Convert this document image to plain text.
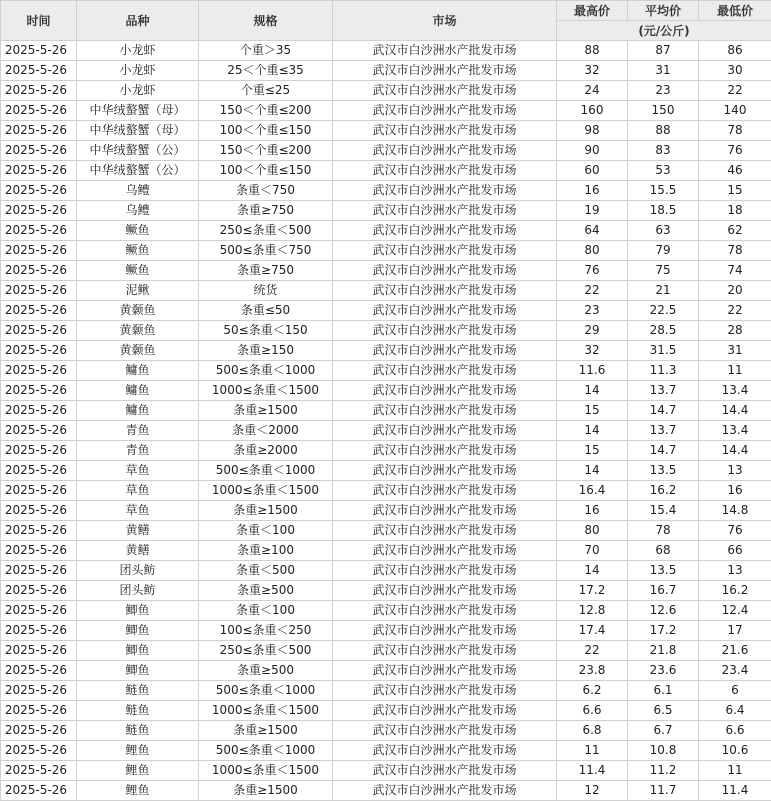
时间	品种	规格	市场	最高价	平均价	最低价
				(元/公斤)		
2025-5-26	小龙虾	个重＞35	武汉市白沙洲水产批发市场	88	87	86
2025-5-26	小龙虾	25＜个重≤35	武汉市白沙洲水产批发市场	32	31	30
2025-5-26	小龙虾	个重≤25	武汉市白沙洲水产批发市场	24	23	22
2025-5-26	中华绒螯蟹（母）	150＜个重≤200	武汉市白沙洲水产批发市场	160	150	140
2025-5-26	中华绒螯蟹（母）	100＜个重≤150	武汉市白沙洲水产批发市场	98	88	78
2025-5-26	中华绒螯蟹（公）	150＜个重≤200	武汉市白沙洲水产批发市场	90	83	76
2025-5-26	中华绒螯蟹（公）	100＜个重≤150	武汉市白沙洲水产批发市场	60	53	46
2025-5-26	乌鳢	条重＜750	武汉市白沙洲水产批发市场	16	15.5	15
2025-5-26	乌鳢	条重≥750	武汉市白沙洲水产批发市场	19	18.5	18
2025-5-26	鳜鱼	250≤条重＜500	武汉市白沙洲水产批发市场	64	63	62
2025-5-26	鳜鱼	500≤条重＜750	武汉市白沙洲水产批发市场	80	79	78
2025-5-26	鳜鱼	条重≥750	武汉市白沙洲水产批发市场	76	75	74
2025-5-26	泥鳅	统货	武汉市白沙洲水产批发市场	22	21	20
2025-5-26	黄颡鱼	条重≤50	武汉市白沙洲水产批发市场	23	22.5	22
2025-5-26	黄颡鱼	50≤条重＜150	武汉市白沙洲水产批发市场	29	28.5	28
2025-5-26	黄颡鱼	条重≥150	武汉市白沙洲水产批发市场	32	31.5	31
2025-5-26	鳙鱼	500≤条重＜1000	武汉市白沙洲水产批发市场	11.6	11.3	11
2025-5-26	鳙鱼	1000≤条重＜1500	武汉市白沙洲水产批发市场	14	13.7	13.4
2025-5-26	鳙鱼	条重≥1500	武汉市白沙洲水产批发市场	15	14.7	14.4
2025-5-26	青鱼	条重＜2000	武汉市白沙洲水产批发市场	14	13.7	13.4
2025-5-26	青鱼	条重≥2000	武汉市白沙洲水产批发市场	15	14.7	14.4
2025-5-26	草鱼	500≤条重＜1000	武汉市白沙洲水产批发市场	14	13.5	13
2025-5-26	草鱼	1000≤条重＜1500	武汉市白沙洲水产批发市场	16.4	16.2	16
2025-5-26	草鱼	条重≥1500	武汉市白沙洲水产批发市场	16	15.4	14.8
2025-5-26	黄鳝	条重＜100	武汉市白沙洲水产批发市场	80	78	76
2025-5-26	黄鳝	条重≥100	武汉市白沙洲水产批发市场	70	68	66
2025-5-26	团头鲂	条重＜500	武汉市白沙洲水产批发市场	14	13.5	13
2025-5-26	团头鲂	条重≥500	武汉市白沙洲水产批发市场	17.2	16.7	16.2
2025-5-26	鲫鱼	条重＜100	武汉市白沙洲水产批发市场	12.8	12.6	12.4
2025-5-26	鲫鱼	100≤条重＜250	武汉市白沙洲水产批发市场	17.4	17.2	17
2025-5-26	鲫鱼	250≤条重＜500	武汉市白沙洲水产批发市场	22	21.8	21.6
2025-5-26	鲫鱼	条重≥500	武汉市白沙洲水产批发市场	23.8	23.6	23.4
2025-5-26	鲢鱼	500≤条重＜1000	武汉市白沙洲水产批发市场	6.2	6.1	6
2025-5-26	鲢鱼	1000≤条重＜1500	武汉市白沙洲水产批发市场	6.6	6.5	6.4
2025-5-26	鲢鱼	条重≥1500	武汉市白沙洲水产批发市场	6.8	6.7	6.6
2025-5-26	鲤鱼	500≤条重＜1000	武汉市白沙洲水产批发市场	11	10.8	10.6
2025-5-26	鲤鱼	1000≤条重＜1500	武汉市白沙洲水产批发市场	11.4	11.2	11
2025-5-26	鲤鱼	条重≥1500	武汉市白沙洲水产批发市场	12	11.7	11.4
